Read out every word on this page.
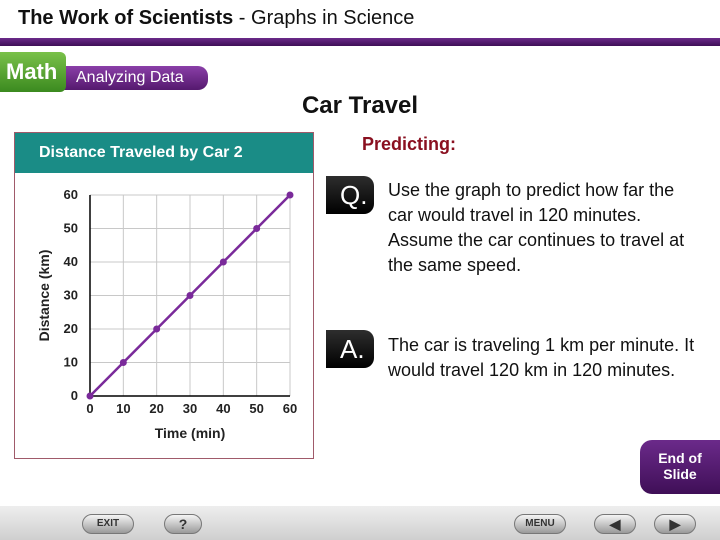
The Work of Scientists - Graphs in Science
Analyzing Data
Math
Car Travel
Distance Traveled by Car 2
0 10 20 30 40 50 60
0
10
20
30
40
50
60
Time (min)
Distance (km)
Predicting:
Q.	Use the graph to predict how far the car would travel in 120 minutes. Assume the car continues to travel at the same speed.
A.	The car is traveling 1 km per minute. It would travel 120 km in 120 minutes.
End of
Slide
EXIT	?	MENU	◀	▶
